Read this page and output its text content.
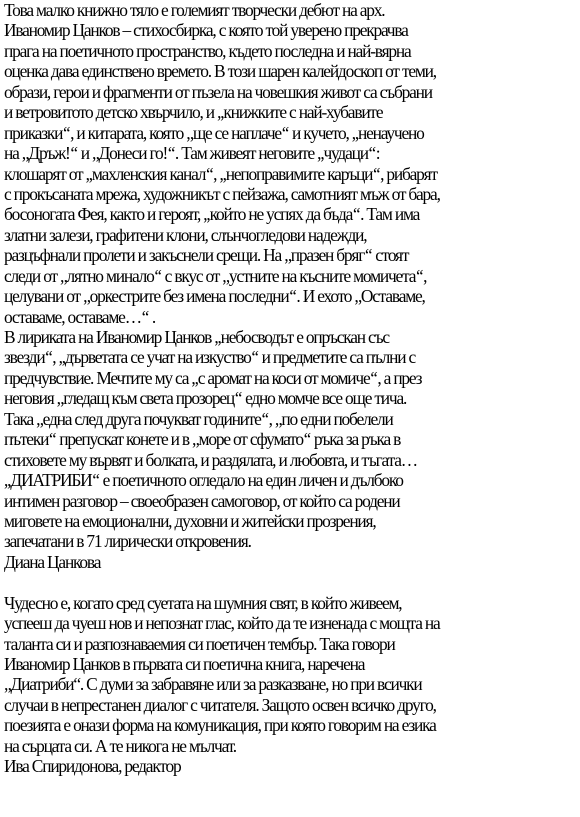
Това малко книжно тяло е големият творчески дебют на арх.
Иваномир Цанков – стихосбирка, с която той уверено прекрачва
прага на поетичното пространство, където последна и най-вярна
оценка дава единствено времето. В този шарен калейдоскоп от теми,
образи, герои и фрагменти от пъзела на човешкия живот са събрани
и ветровитото детско хвърчило, и ,,книжките с най-хубавите
приказки‘‘, и китарата, която „ще се наплаче‘‘ и кучето, ,,ненаучено
на „Дръж!‘‘ и „Донеси го!‘‘. Там живеят неговите ,,чудаци‘‘:
клошарят от ,,махленския канал‘‘, ,,непоправимите каръци‘‘, рибарят
с прокъсаната мрежа, художникът с пейзажа, самотният мъж от бара,
босоногата Фея, както и героят, ,,който не успях да бъда‘‘. Там има
златни залези, графитени клони, слънчогледови надежди,
разцъфнали пролети и закъснели срещи. На „празен бряг‘‘ стоят
следи от „лятно минало‘‘ с вкус от „устните на късните момичета‘‘,
целувани от „оркестрите без имена последни‘‘. И ехото „Оставаме,
оставаме, оставаме…‘‘ .
В лириката на Иваномир Цанков ,,небосводът е опръскан със
звезди‘‘, ,,дърветата се учат на изкуство‘‘ и предметите са пълни с
предчувствие. Мечтите му са ,,с аромат на коси от момиче‘‘, а през
неговия „гледащ към света прозорец‘‘ едно момче все още тича.
Така „една след друга почукват годините‘‘, „по едни побелели
пътеки‘‘ препускат конете и в „море от сфумато‘‘ ръка за ръка в
стиховете му вървят и болката, и раздялата, и любовта, и тъгата…
,,ДИАТРИБИ‘‘ е поетичното огледало на един личен и дълбоко
интимен разговор – своеобразен самоговор, от който са родени
миговете на емоционални, духовни и житейски прозрения,
запечатани в 71 лирически откровения.
Диана Цанкова
Чудесно е, когато сред суетата на шумния свят, в който живеем,
успееш да чуеш нов и непознат глас, който да те изненада с мощта на
таланта си и разпознаваемия си поетичен тембър. Така говори
Иваномир Цанков в първата си поетична книга, наречена
„Диатриби“. С думи за забравяне или за разказване, но при всички
случаи в непрестанен диалог с читателя. Защото освен всичко друго,
поезията е онази форма на комуникация, при която говорим на езика
на сърцата си. А те никога не мълчат.
Ива Спиридонова, редактор
